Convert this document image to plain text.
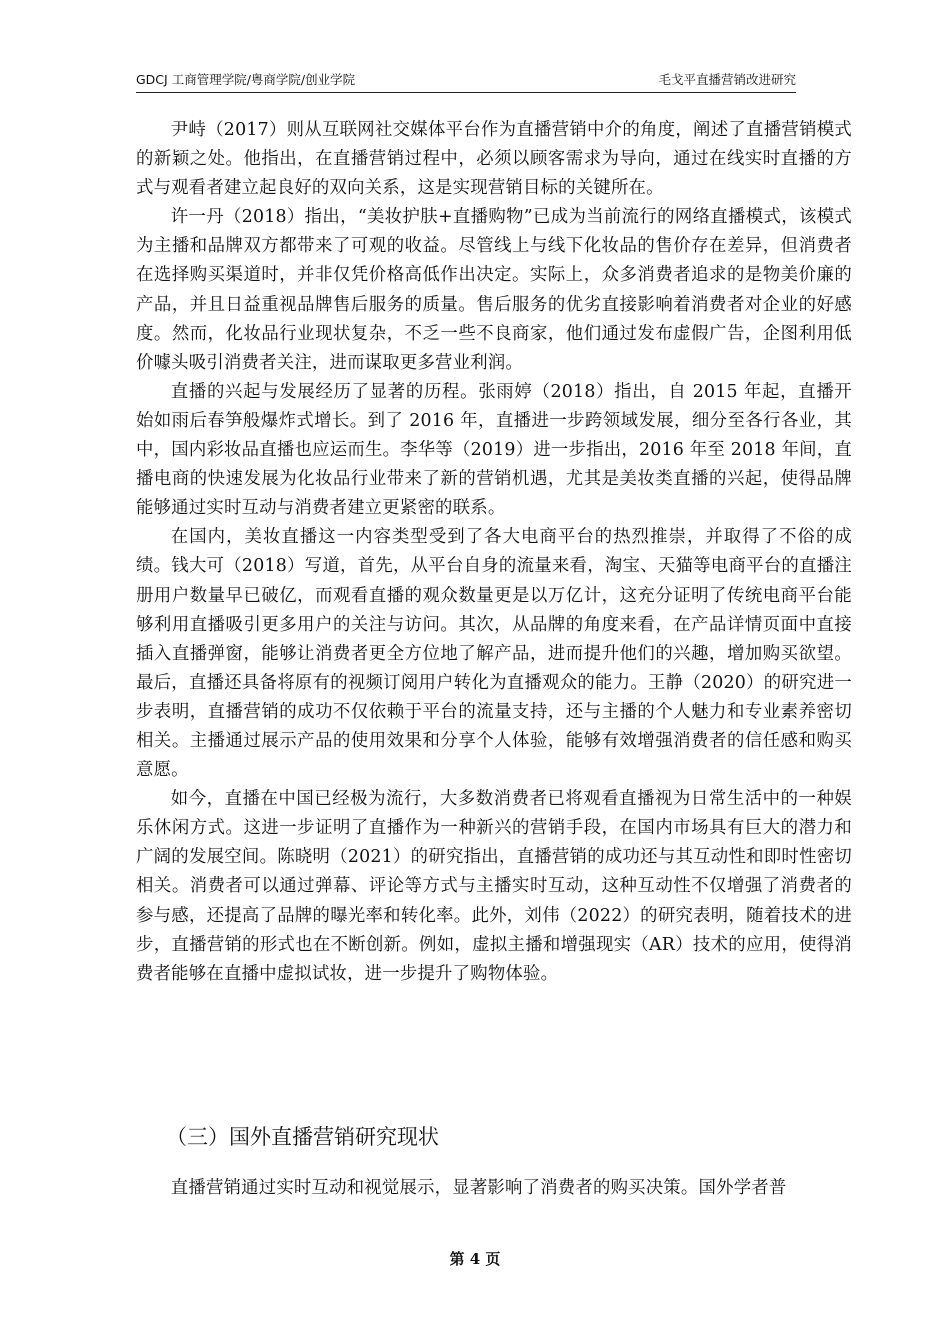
GDCJ 工商管理学院/粤商学院/创业学院	毛戈平直播营销改进研究

尹峙（2017）则从互联网社交媒体平台作为直播营销中介的角度，阐述了直播营销模式的新颖之处。他指出，在直播营销过程中，必须以顾客需求为导向，通过在线实时直播的方式与观看者建立起良好的双向关系，这是实现营销目标的关键所在。

许一丹（2018）指出，“美妆护肤+直播购物”已成为当前流行的网络直播模式，该模式为主播和品牌双方都带来了可观的收益。尽管线上与线下化妆品的售价存在差异，但消费者在选择购买渠道时，并非仅凭价格高低作出决定。实际上，众多消费者追求的是物美价廉的产品，并且日益重视品牌售后服务的质量。售后服务的优劣直接影响着消费者对企业的好感度。然而，化妆品行业现状复杂，不乏一些不良商家，他们通过发布虚假广告，企图利用低价噱头吸引消费者关注，进而谋取更多营业利润。

直播的兴起与发展经历了显著的历程。张雨婷（2018）指出，自 2015 年起，直播开始如雨后春笋般爆炸式增长。到了 2016 年，直播进一步跨领域发展，细分至各行各业，其中，国内彩妆品直播也应运而生。李华等（2019）进一步指出，2016 年至 2018 年间，直播电商的快速发展为化妆品行业带来了新的营销机遇，尤其是美妆类直播的兴起，使得品牌能够通过实时互动与消费者建立更紧密的联系。

在国内，美妆直播这一内容类型受到了各大电商平台的热烈推崇，并取得了不俗的成绩。钱大可（2018）写道，首先，从平台自身的流量来看，淘宝、天猫等电商平台的直播注册用户数量早已破亿，而观看直播的观众数量更是以万亿计，这充分证明了传统电商平台能够利用直播吸引更多用户的关注与访问。其次，从品牌的角度来看，在产品详情页面中直接插入直播弹窗，能够让消费者更全方位地了解产品，进而提升他们的兴趣，增加购买欲望。最后，直播还具备将原有的视频订阅用户转化为直播观众的能力。王静（2020）的研究进一步表明，直播营销的成功不仅依赖于平台的流量支持，还与主播的个人魅力和专业素养密切相关。主播通过展示产品的使用效果和分享个人体验，能够有效增强消费者的信任感和购买意愿。

如今，直播在中国已经极为流行，大多数消费者已将观看直播视为日常生活中的一种娱乐休闲方式。这进一步证明了直播作为一种新兴的营销手段，在国内市场具有巨大的潜力和广阔的发展空间。陈晓明（2021）的研究指出，直播营销的成功还与其互动性和即时性密切相关。消费者可以通过弹幕、评论等方式与主播实时互动，这种互动性不仅增强了消费者的参与感，还提高了品牌的曝光率和转化率。此外，刘伟（2022）的研究表明，随着技术的进步，直播营销的形式也在不断创新。例如，虚拟主播和增强现实（AR）技术的应用，使得消费者能够在直播中虚拟试妆，进一步提升了购物体验。

（三）国外直播营销研究现状

直播营销通过实时互动和视觉展示，显著影响了消费者的购买决策。国外学者普

第 4 页
